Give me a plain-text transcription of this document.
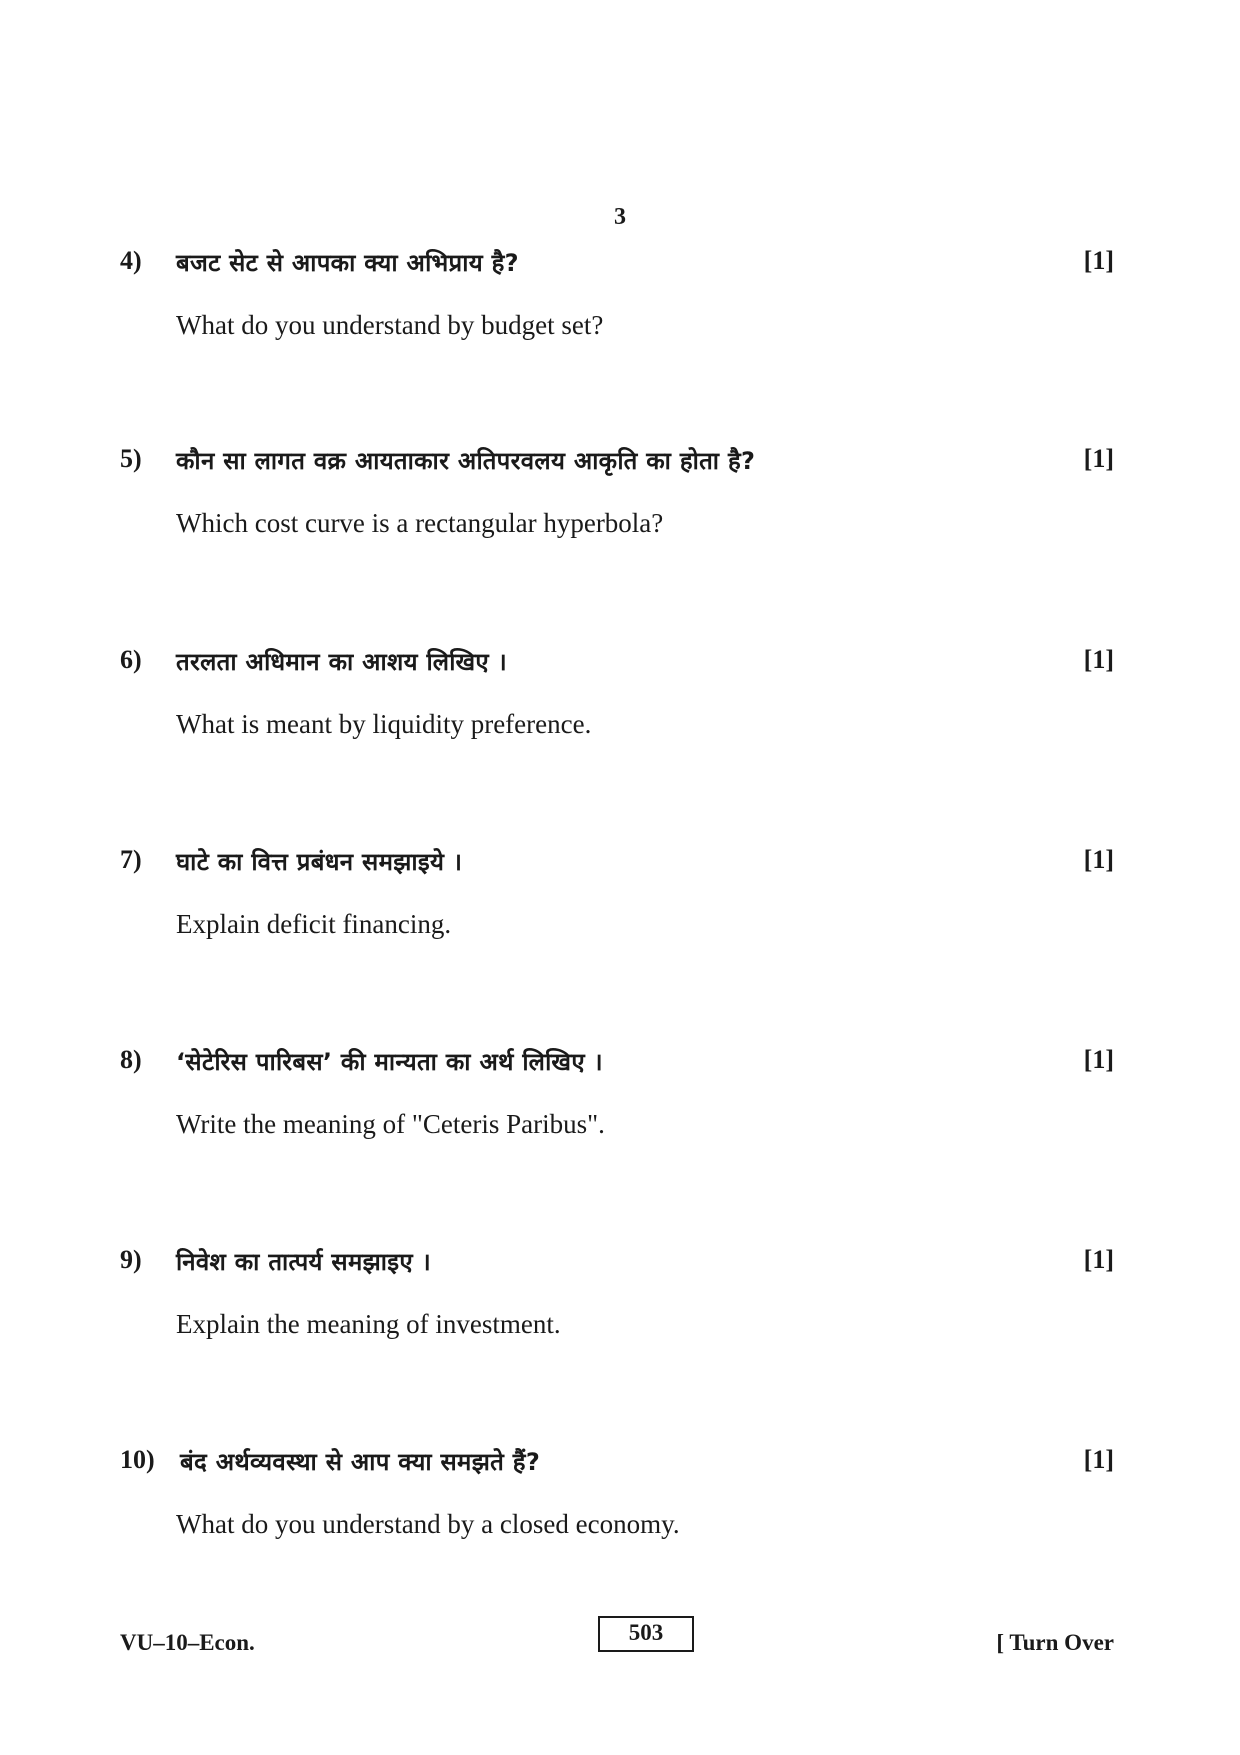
3
4) बजट सेट से आपका क्या अभिप्राय है?	[1]
What do you understand by budget set?
5) कौन सा लागत वक्र आयताकार अतिपरवलय आकृति का होता है?	[1]
Which cost curve is a rectangular hyperbola?
6) तरलता अधिमान का आशय लिखिए ।	[1]
What is meant by liquidity preference.
7) घाटे का वित्त प्रबंधन समझाइये ।	[1]
Explain deficit financing.
8) ‘सेटेरिस पारिबस’ की मान्यता का अर्थ लिखिए ।	[1]
Write the meaning of "Ceteris Paribus".
9) निवेश का तात्पर्य समझाइए ।	[1]
Explain the meaning of investment.
10) बंद अर्थव्यवस्था से आप क्या समझते हैं?	[1]
What do you understand by a closed economy.
VU–10–Econ.	503	[ Turn Over
